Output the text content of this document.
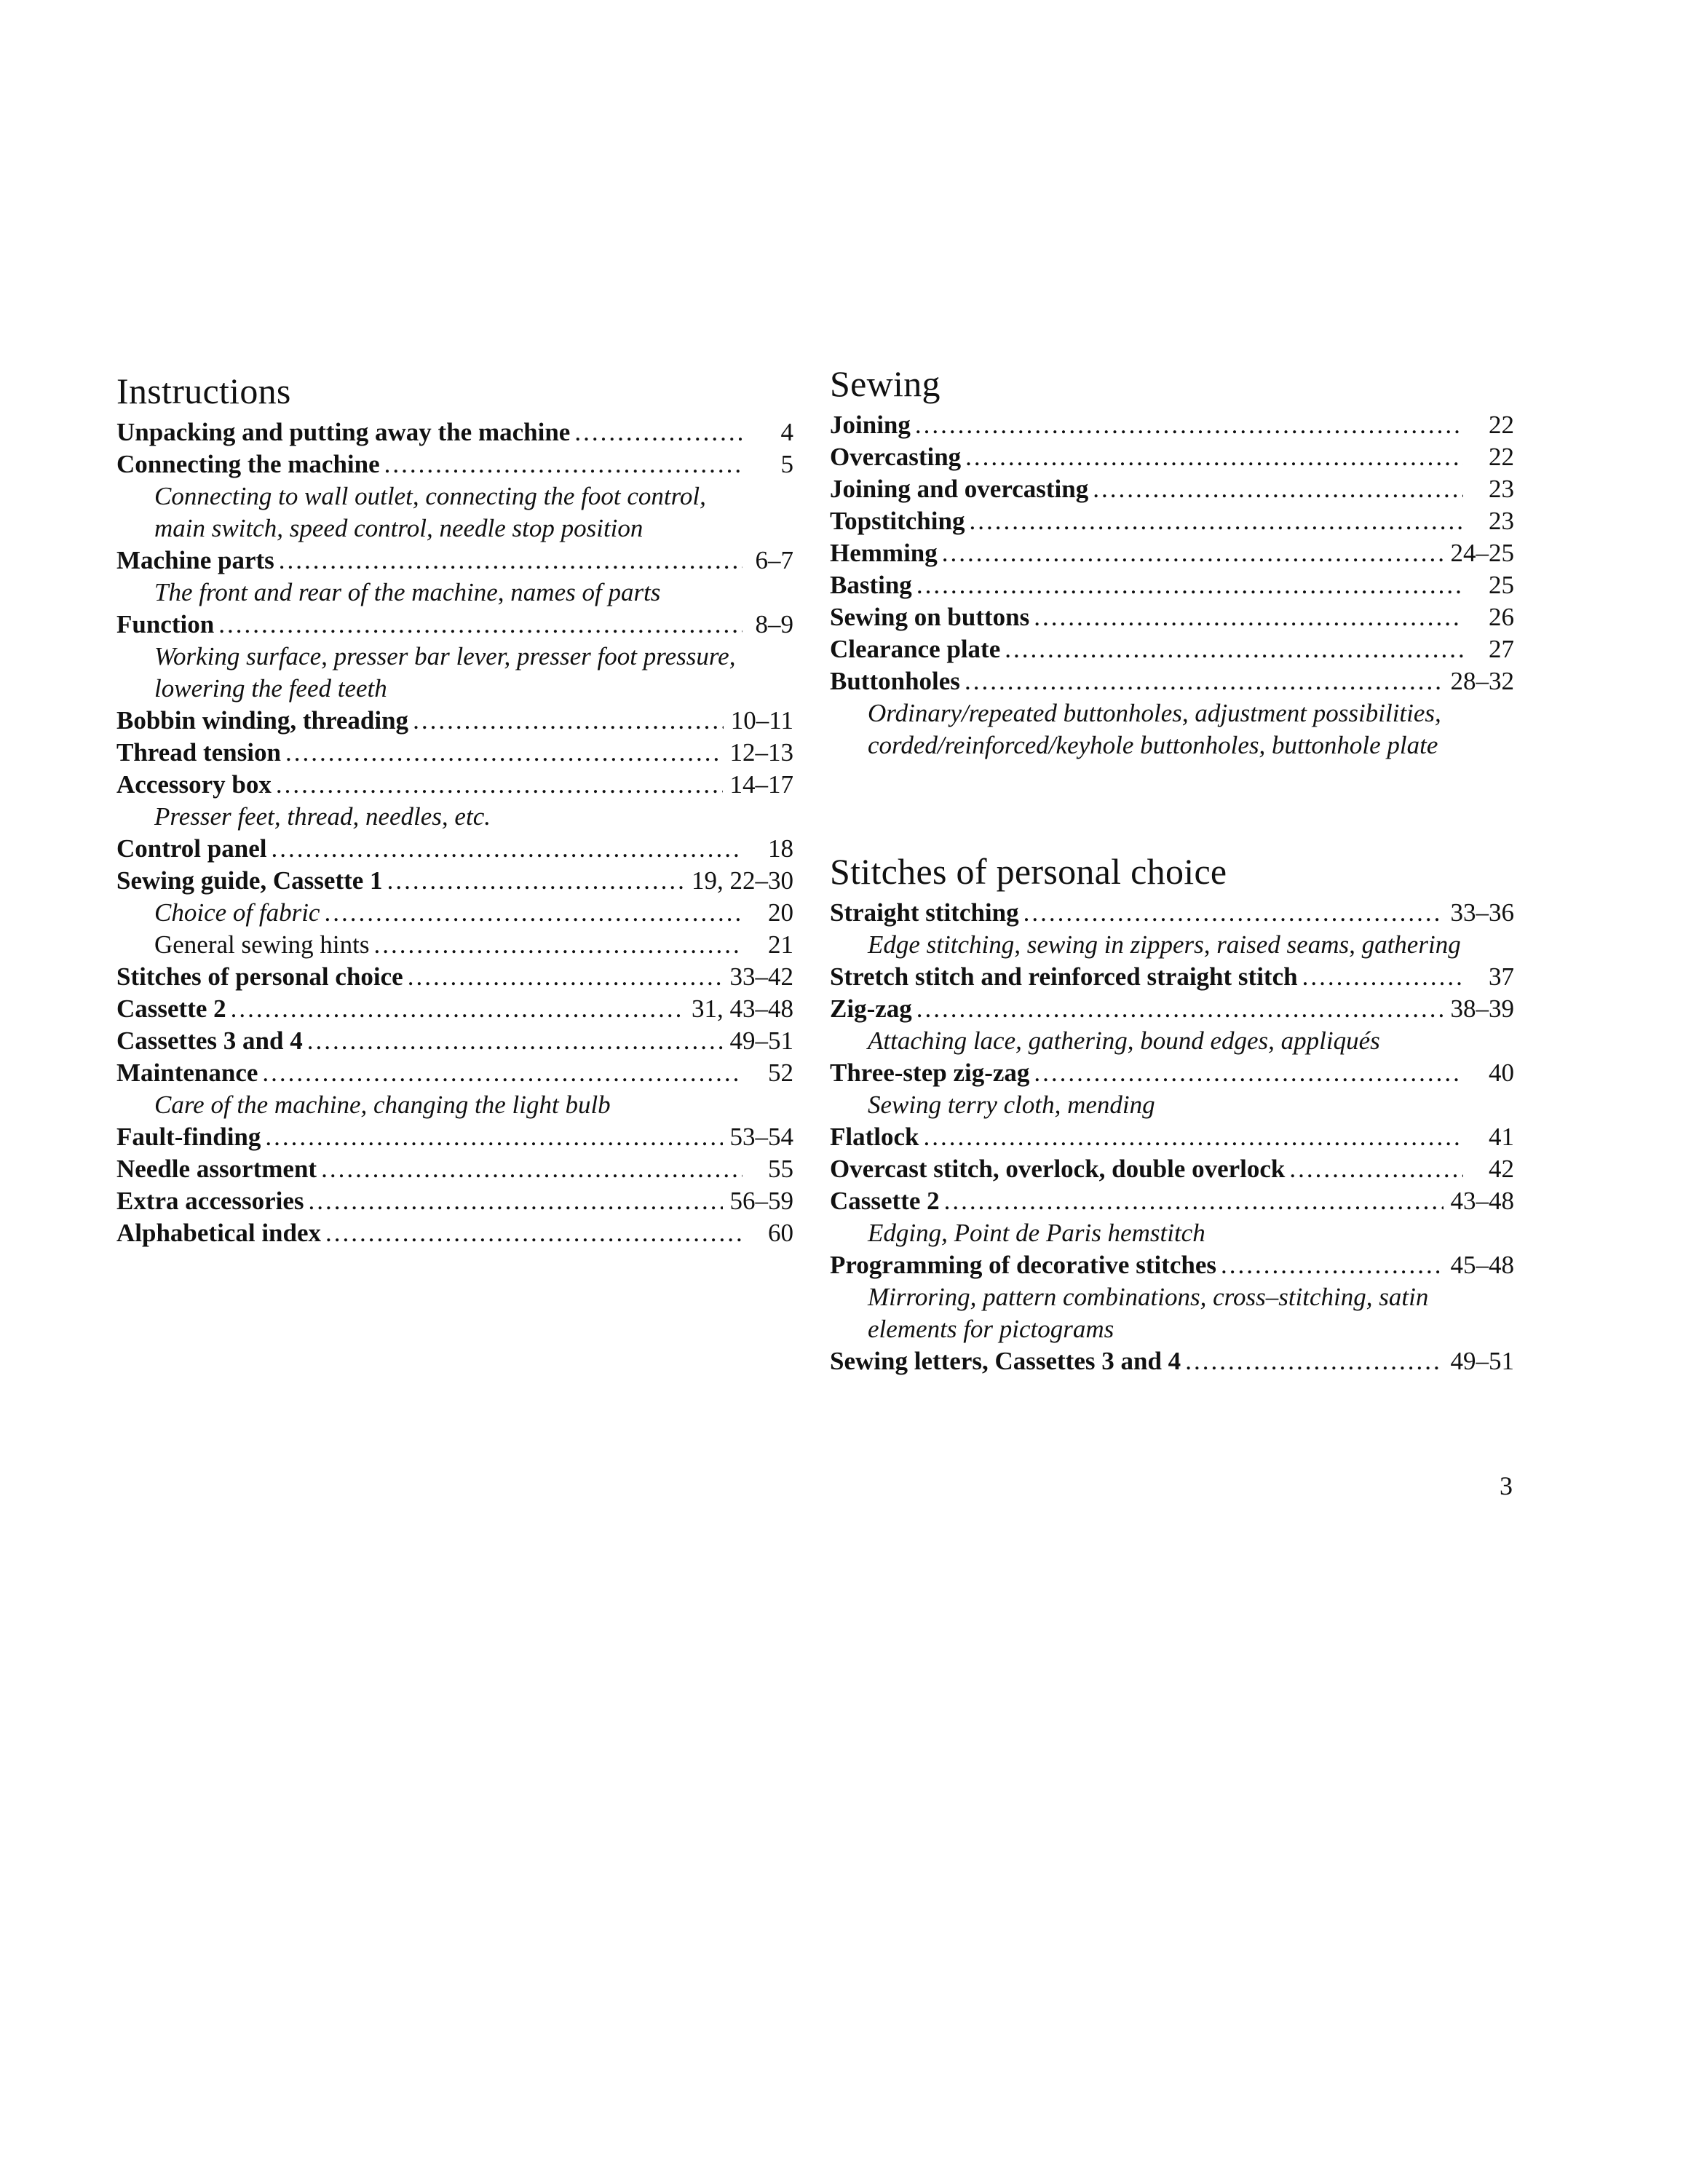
Instructions
Unpacking and putting away the machine .....	4
Connecting the machine .....	5
Connecting to wall outlet, connecting the foot control, main switch, speed control, needle stop position
Machine parts .....	6–7
The front and rear of the machine, names of parts
Function .....	8–9
Working surface, presser bar lever, presser foot pressure, lowering the feed teeth
Bobbin winding, threading .....	10–11
Thread tension .....	12–13
Accessory box .....	14–17
Presser feet, thread, needles, etc.
Control panel .....	18
Sewing guide, Cassette 1 .....	19, 22–30
Choice of fabric .....	20
General sewing hints .....	21
Stitches of personal choice .....	33–42
Cassette 2 .....	31, 43–48
Cassettes 3 and 4 .....	49–51
Maintenance .....	52
Care of the machine, changing the light bulb
Fault-finding .....	53–54
Needle assortment .....	55
Extra accessories .....	56–59
Alphabetical index .....	60
Sewing
Joining .....	22
Overcasting .....	22
Joining and overcasting .....	23
Topstitching .....	23
Hemming .....	24–25
Basting .....	25
Sewing on buttons .....	26
Clearance plate .....	27
Buttonholes .....	28–32
Ordinary/repeated buttonholes, adjustment possibilities, corded/reinforced/keyhole buttonholes, buttonhole plate
Stitches of personal choice
Straight stitching .....	33–36
Edge stitching, sewing in zippers, raised seams, gathering
Stretch stitch and reinforced straight stitch .....	37
Zig-zag .....	38–39
Attaching lace, gathering, bound edges, appliqués
Three-step zig-zag .....	40
Sewing terry cloth, mending
Flatlock .....	41
Overcast stitch, overlock, double overlock .....	42
Cassette 2 .....	43–48
Edging, Point de Paris hemstitch
Programming of decorative stitches .....	45–48
Mirroring, pattern combinations, cross–stitching, satin elements for pictograms
Sewing letters, Cassettes 3 and 4 .....	49–51
3
